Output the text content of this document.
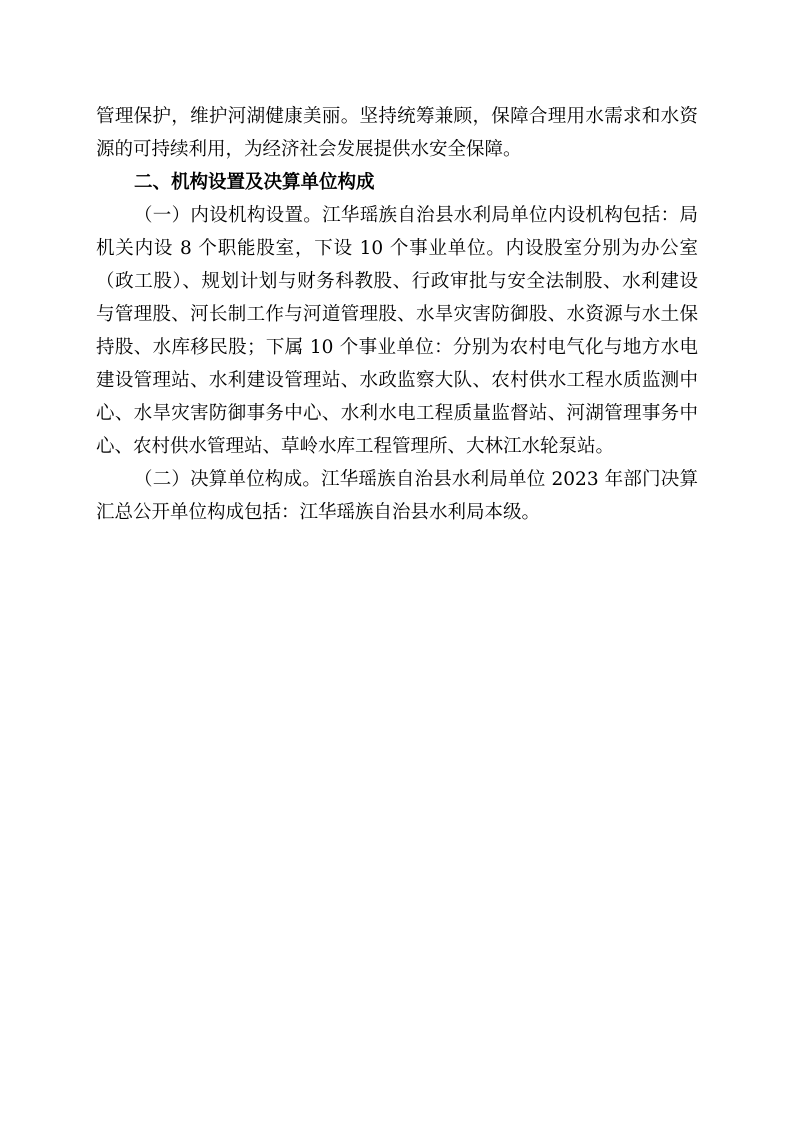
管理保护，维护河湖健康美丽。坚持统筹兼顾，保障合理用水需求和水资
源的可持续利用，为经济社会发展提供水安全保障。
二、机构设置及决算单位构成
（一）内设机构设置。江华瑶族自治县水利局单位内设机构包括：局
机关内设 8 个职能股室，下设 10 个事业单位。内设股室分别为办公室
（政工股）、规划计划与财务科教股、行政审批与安全法制股、水利建设
与管理股、河长制工作与河道管理股、水旱灾害防御股、水资源与水土保
持股、水库移民股；下属 10 个事业单位：分别为农村电气化与地方水电
建设管理站、水利建设管理站、水政监察大队、农村供水工程水质监测中
心、水旱灾害防御事务中心、水利水电工程质量监督站、河湖管理事务中
心、农村供水管理站、草岭水库工程管理所、大林江水轮泵站。
（二）决算单位构成。江华瑶族自治县水利局单位 2023 年部门决算
汇总公开单位构成包括：江华瑶族自治县水利局本级。
